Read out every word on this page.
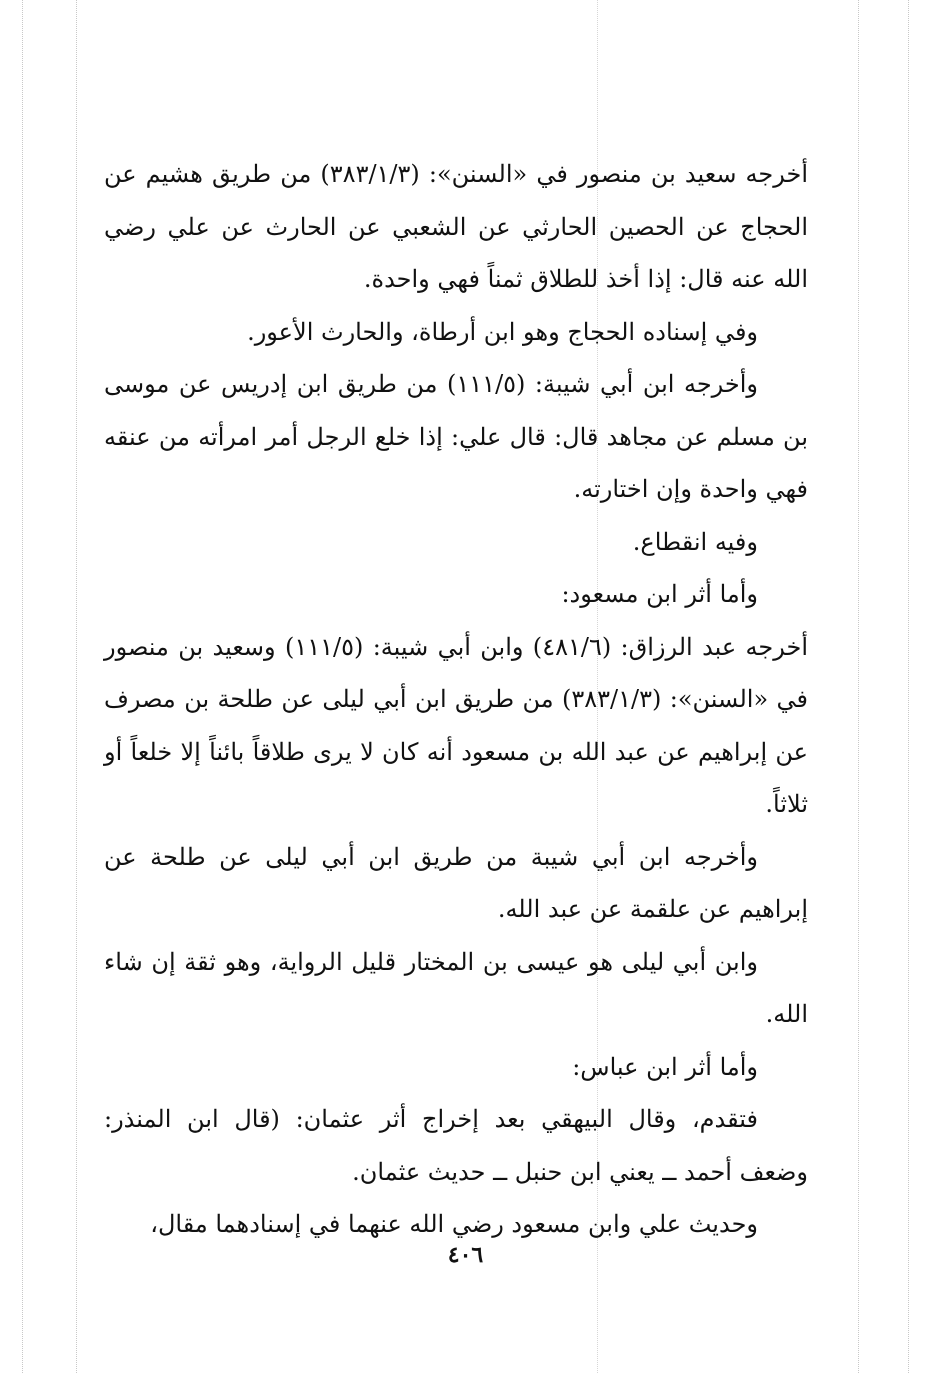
أخرجه سعيد بن منصور في «السنن»: (٣٨٣/١/٣) من طريق هشيم عن الحجاج عن الحصين الحارثي عن الشعبي عن الحارث عن علي رضي الله عنه قال: إذا أخذ للطلاق ثمناً فهي واحدة.

وفي إسناده الحجاج وهو ابن أرطاة، والحارث الأعور.

وأخرجه ابن أبي شيبة: (١١١/٥) من طريق ابن إدريس عن موسى بن مسلم عن مجاهد قال: قال علي: إذا خلع الرجل أمر امرأته من عنقه فهي واحدة وإن اختارته.

وفيه انقطاع.

وأما أثر ابن مسعود:

أخرجه عبد الرزاق: (٤٨١/٦) وابن أبي شيبة: (١١١/٥) وسعيد بن منصور في «السنن»: (٣٨٣/١/٣) من طريق ابن أبي ليلى عن طلحة بن مصرف عن إبراهيم عن عبد الله بن مسعود أنه كان لا يرى طلاقاً بائناً إلا خلعاً أو ثلاثاً.

وأخرجه ابن أبي شيبة من طريق ابن أبي ليلى عن طلحة عن إبراهيم عن علقمة عن عبد الله.

وابن أبي ليلى هو عيسى بن المختار قليل الرواية، وهو ثقة إن شاء الله.

وأما أثر ابن عباس:

فتقدم، وقال البيهقي بعد إخراج أثر عثمان: (قال ابن المنذر: وضعف أحمد ــ يعني ابن حنبل ــ حديث عثمان.

وحديث علي وابن مسعود رضي الله عنهما في إسنادهما مقال،

٤٠٦
